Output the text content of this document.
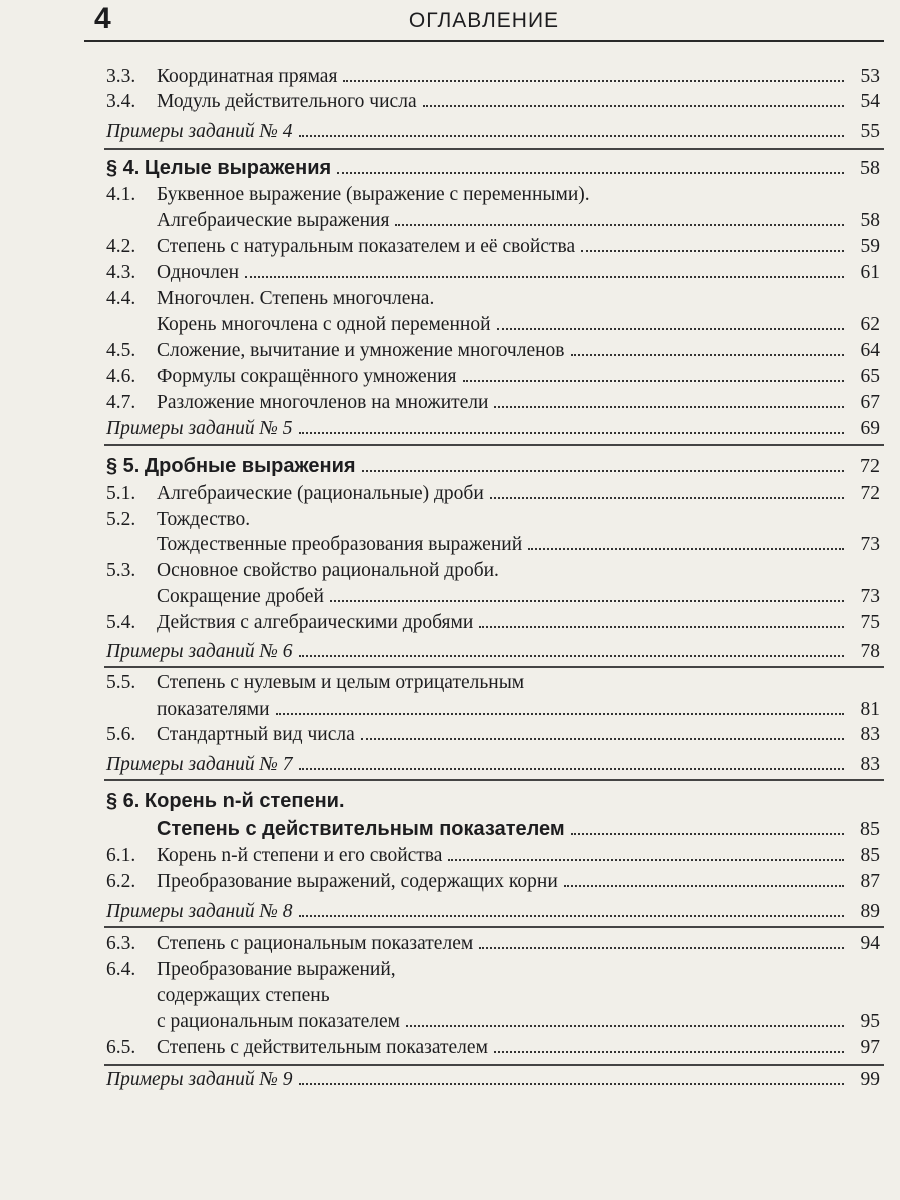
4	ОГЛАВЛЕНИЕ
3.3. Координатная прямая	53
3.4. Модуль действительного числа	54
Примеры заданий № 4	55
§ 4. Целые выражения	58
4.1. Буквенное выражение (выражение с переменными).
Алгебраические выражения	58
4.2. Степень с натуральным показателем и её свойства	59
4.3. Одночлен	61
4.4. Многочлен. Степень многочлена.
Корень многочлена с одной переменной	62
4.5. Сложение, вычитание и умножение многочленов	64
4.6. Формулы сокращённого умножения	65
4.7. Разложение многочленов на множители	67
Примеры заданий № 5	69
§ 5. Дробные выражения	72
5.1. Алгебраические (рациональные) дроби	72
5.2. Тождество.
Тождественные преобразования выражений	73
5.3. Основное свойство рациональной дроби.
Сокращение дробей	73
5.4. Действия с алгебраическими дробями	75
Примеры заданий № 6	78
5.5. Степень с нулевым и целым отрицательным
показателями	81
5.6. Стандартный вид числа	83
Примеры заданий № 7	83
§ 6. Корень n-й степени.
Степень с действительным показателем	85
6.1. Корень n-й степени и его свойства	85
6.2. Преобразование выражений, содержащих корни	87
Примеры заданий № 8	89
6.3. Степень с рациональным показателем	94
6.4. Преобразование выражений,
содержащих степень
с рациональным показателем	95
6.5. Степень с действительным показателем	97
Примеры заданий № 9	99
